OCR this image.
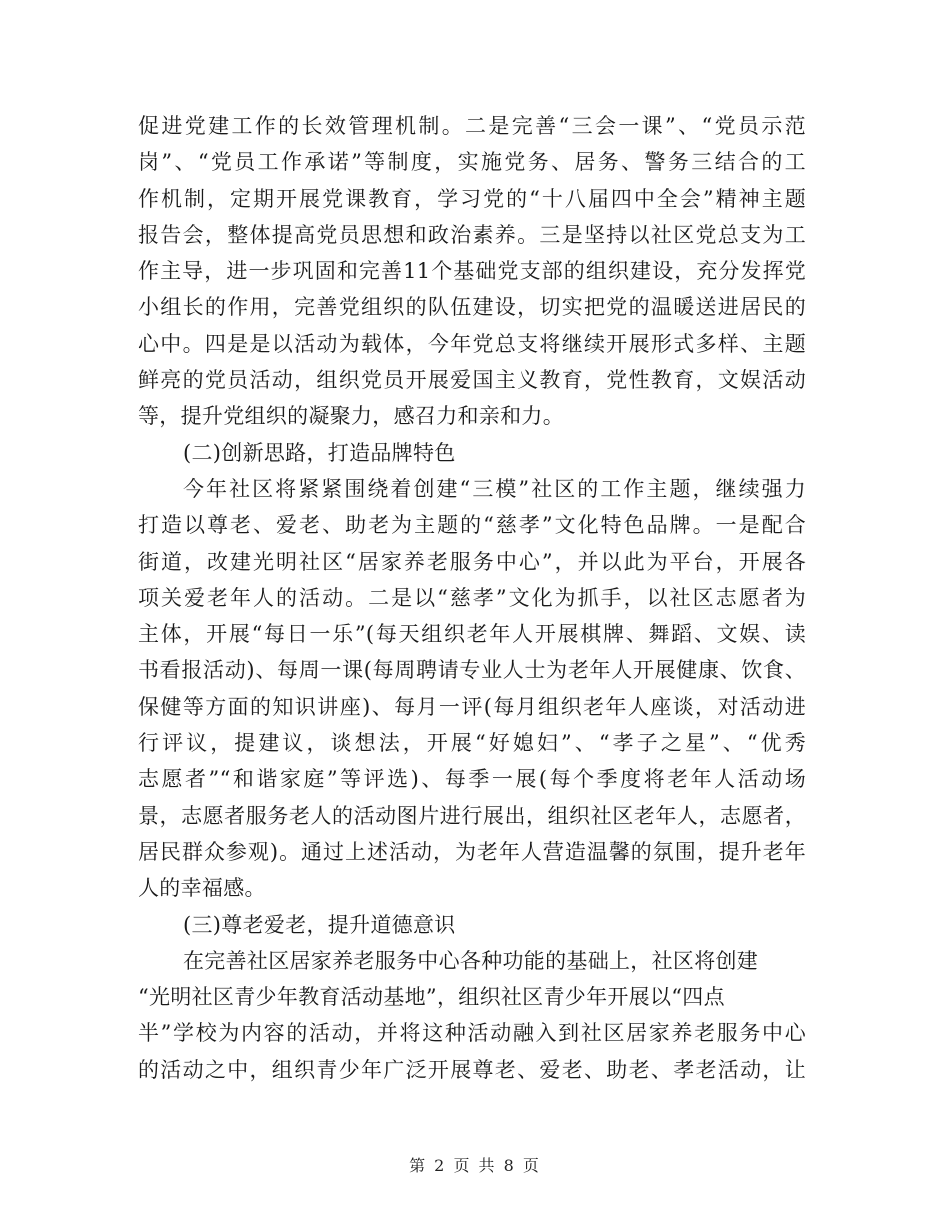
促进党建工作的长效管理机制。二是完善“三会一课”、“党员示范
岗”、“党员工作承诺”等制度，实施党务、居务、警务三结合的工
作机制，定期开展党课教育，学习党的“十八届四中全会”精神主题
报告会，整体提高党员思想和政治素养。三是坚持以社区党总支为工
作主导，进一步巩固和完善11个基础党支部的组织建设，充分发挥党
小组长的作用，完善党组织的队伍建设，切实把党的温暖送进居民的
心中。四是是以活动为载体，今年党总支将继续开展形式多样、主题
鲜亮的党员活动，组织党员开展爱国主义教育，党性教育，文娱活动
等，提升党组织的凝聚力，感召力和亲和力。
(二)创新思路，打造品牌特色
今年社区将紧紧围绕着创建“三模”社区的工作主题，继续强力
打造以尊老、爱老、助老为主题的“慈孝”文化特色品牌。一是配合
街道，改建光明社区“居家养老服务中心”，并以此为平台，开展各
项关爱老年人的活动。二是以“慈孝”文化为抓手，以社区志愿者为
主体，开展“每日一乐”(每天组织老年人开展棋牌、舞蹈、文娱、读
书看报活动)、每周一课(每周聘请专业人士为老年人开展健康、饮食、
保健等方面的知识讲座)、每月一评(每月组织老年人座谈，对活动进
行评议，提建议，谈想法，开展“好媳妇”、“孝子之星”、“优秀
志愿者”“和谐家庭”等评选)、每季一展(每个季度将老年人活动场
景，志愿者服务老人的活动图片进行展出，组织社区老年人，志愿者，
居民群众参观)。通过上述活动，为老年人营造温馨的氛围，提升老年
人的幸福感。
(三)尊老爱老，提升道德意识
在完善社区居家养老服务中心各种功能的基础上，社区将创建
“光明社区青少年教育活动基地”，组织社区青少年开展以“四点
半”学校为内容的活动，并将这种活动融入到社区居家养老服务中心
的活动之中，组织青少年广泛开展尊老、爱老、助老、孝老活动，让
第 2 页 共 8 页
